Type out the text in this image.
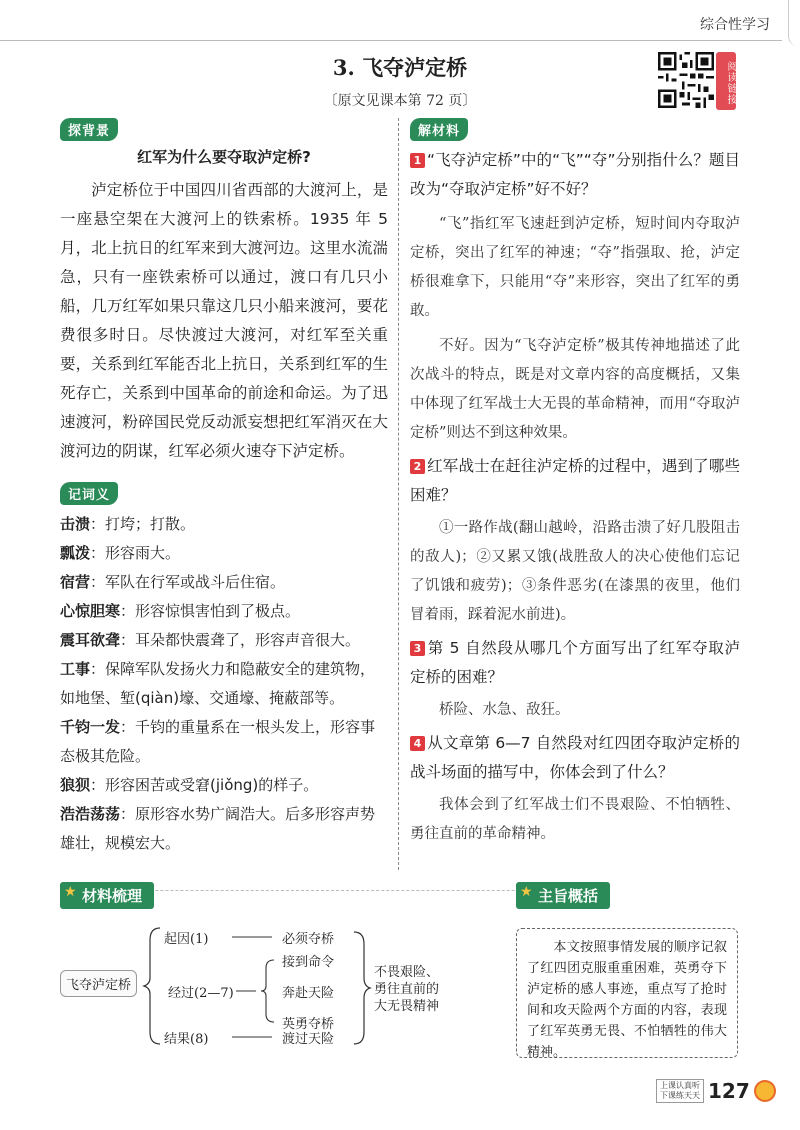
综合性学习
3. 飞夺泸定桥
〔原文见课本第 72 页〕	阅读链接
探背景
红军为什么要夺取泸定桥?
泸定桥位于中国四川省西部的大渡河上，是一座悬空架在大渡河上的铁索桥。1935 年 5 月，北上抗日的红军来到大渡河边。这里水流湍急，只有一座铁索桥可以通过，渡口有几只小船，几万红军如果只靠这几只小船来渡河，要花费很多时日。尽快渡过大渡河，对红军至关重要，关系到红军能否北上抗日，关系到红军的生死存亡，关系到中国革命的前途和命运。为了迅速渡河，粉碎国民党反动派妄想把红军消灭在大渡河边的阴谋，红军必须火速夺下泸定桥。
记词义
击溃：打垮；打散。
瓢泼：形容雨大。
宿营：军队在行军或战斗后住宿。
心惊胆寒：形容惊惧害怕到了极点。
震耳欲聋：耳朵都快震聋了，形容声音很大。
工事：保障军队发扬火力和隐蔽安全的建筑物，如地堡、堑(qiàn)壕、交通壕、掩蔽部等。
千钧一发：千钧的重量系在一根头发上，形容事态极其危险。
狼狈：形容困苦或受窘(jiǒng)的样子。
浩浩荡荡：原形容水势广阔浩大。后多形容声势雄壮，规模宏大。
解材料
1 “飞夺泸定桥”中的“飞”“夺”分别指什么？题目改为“夺取泸定桥”好不好？
“飞”指红军飞速赶到泸定桥，短时间内夺取泸定桥，突出了红军的神速；“夺”指强取、抢，泸定桥很难拿下，只能用“夺”来形容，突出了红军的勇敢。
不好。因为“飞夺泸定桥”极其传神地描述了此次战斗的特点，既是对文章内容的高度概括，又集中体现了红军战士大无畏的革命精神，而用“夺取泸定桥”则达不到这种效果。
2 红军战士在赶往泸定桥的过程中，遇到了哪些困难？
①一路作战(翻山越岭，沿路击溃了好几股阻击的敌人)；②又累又饿(战胜敌人的决心使他们忘记了饥饿和疲劳)；③条件恶劣(在漆黑的夜里，他们冒着雨，踩着泥水前进)。
3 第 5 自然段从哪几个方面写出了红军夺取泸定桥的困难？
桥险、水急、敌狂。
4 从文章第 6—7 自然段对红四团夺取泸定桥的战斗场面的描写中，你体会到了什么？
我体会到了红军战士们不畏艰险、不怕牺牲、勇往直前的革命精神。
★ 材料梳理	★ 主旨概括
飞夺泸定桥
起因(1)	必须夺桥
经过(2—7)
接到命令
奔赴天险
英勇夺桥
结果(8)	渡过天险
不畏艰险、
勇往直前的
大无畏精神
本文按照事情发展的顺序记叙了红四团克服重重困难，英勇夺下泸定桥的感人事迹，重点写了抢时间和攻天险两个方面的内容，表现了红军英勇无畏、不怕牺牲的伟大精神。
上课认真听
下课练天天 127
